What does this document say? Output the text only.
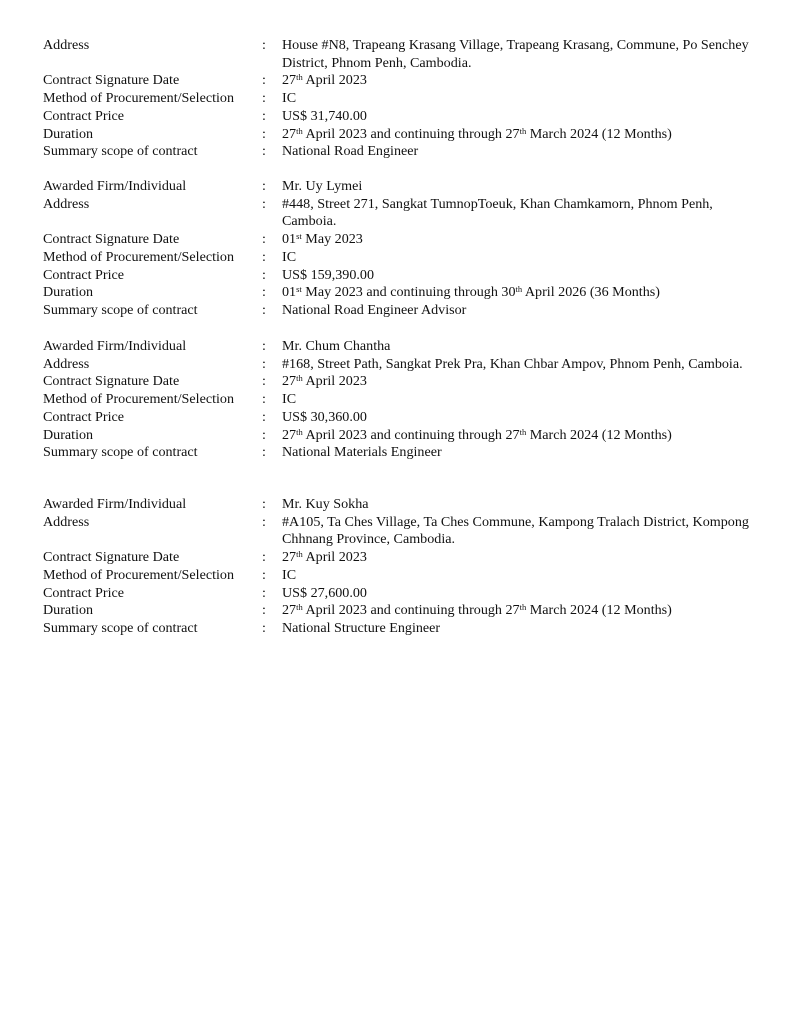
Address	:	House #N8, Trapeang Krasang Village, Trapeang Krasang, Commune, Po Senchey District, Phnom Penh, Cambodia.
Contract Signature Date	:	27th April 2023
Method of Procurement/Selection	:	IC
Contract Price	:	US$ 31,740.00
Duration	:	27th April 2023 and continuing through 27th March 2024 (12 Months)
Summary scope of contract	:	National Road Engineer
Awarded Firm/Individual	:	Mr. Uy Lymei
Address	:	#448, Street 271, Sangkat TumnopToeuk, Khan Chamkamorn, Phnom Penh, Camboia.
Contract Signature Date	:	01st May 2023
Method of Procurement/Selection	:	IC
Contract Price	:	US$ 159,390.00
Duration	:	01st May 2023 and continuing through 30th April 2026 (36 Months)
Summary scope of contract	:	National Road Engineer Advisor
Awarded Firm/Individual	:	Mr. Chum Chantha
Address	:	#168, Street Path, Sangkat Prek Pra, Khan Chbar Ampov, Phnom Penh, Camboia.
Contract Signature Date	:	27th April 2023
Method of Procurement/Selection	:	IC
Contract Price	:	US$ 30,360.00
Duration	:	27th April 2023 and continuing through 27th March 2024 (12 Months)
Summary scope of contract	:	National Materials Engineer
Awarded Firm/Individual	:	Mr. Kuy Sokha
Address	:	#A105, Ta Ches Village, Ta Ches Commune, Kampong Tralach District, Kompong Chhnang Province, Cambodia.
Contract Signature Date	:	27th April 2023
Method of Procurement/Selection	:	IC
Contract Price	:	US$ 27,600.00
Duration	:	27th April 2023 and continuing through 27th March 2024 (12 Months)
Summary scope of contract	:	National Structure Engineer
